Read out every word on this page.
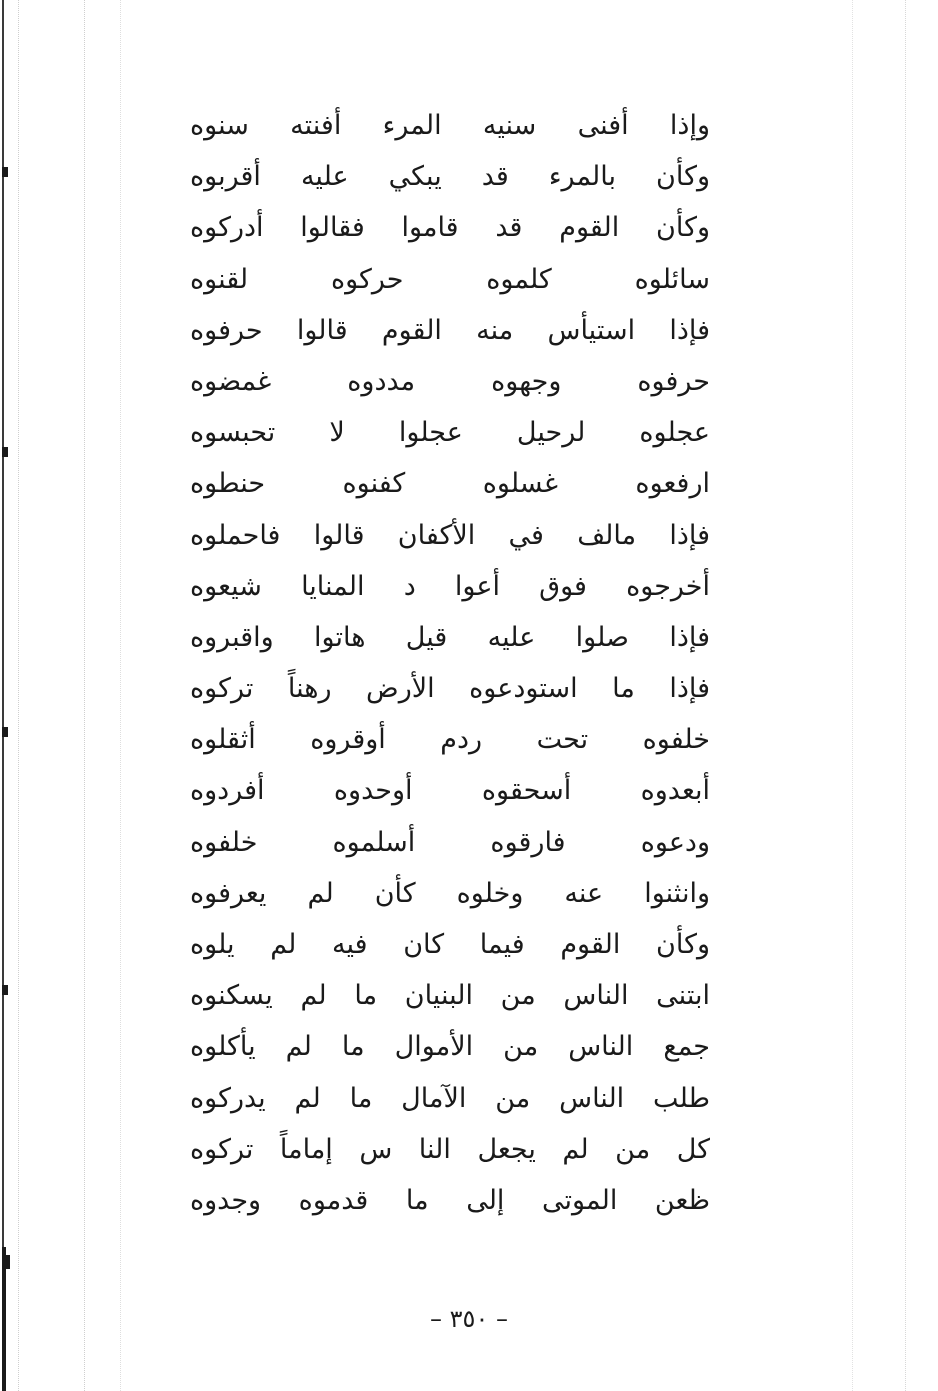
وإذا أفنى سنيه المرء أفنته سنوه
وكأن بالمرء قد يبكي عليه أقربوه
وكأن القوم قد قاموا فقالوا أدركوه
سائلوه كلموه حركوه لقنوه
فإذا استيأس منه القوم قالوا حرفوه
حرفوه وجهوه مددوه غمضوه
عجلوه لرحيل عجلوا لا تحبسوه
ارفعوه غسلوه كفنوه حنطوه
فإذا مالف في الأكفان قالوا فاحملوه
أخرجوه فوق أعوا د المنايا شيعوه
فإذا صلوا عليه قيل هاتوا واقبروه
فإذا ما استودعوه الأرض رهناً تركوه
خلفوه تحت ردم أوقروه أثقلوه
أبعدوه أسحقوه أوحدوه أفردوه
ودعوه فارقوه أسلموه خلفوه
وانثنوا عنه وخلوه كأن لم يعرفوه
وكأن القوم فيما كان فيه لم يلوه
ابتنى الناس من البنيان ما لم يسكنوه
جمع الناس من الأموال ما لم يأكلوه
طلب الناس من الآمال ما لم يدركوه
كل من لم يجعل النا س إماماً تركوه
ظعن الموتى إلى ما قدموه وجدوه
– ٣٥٠ –
